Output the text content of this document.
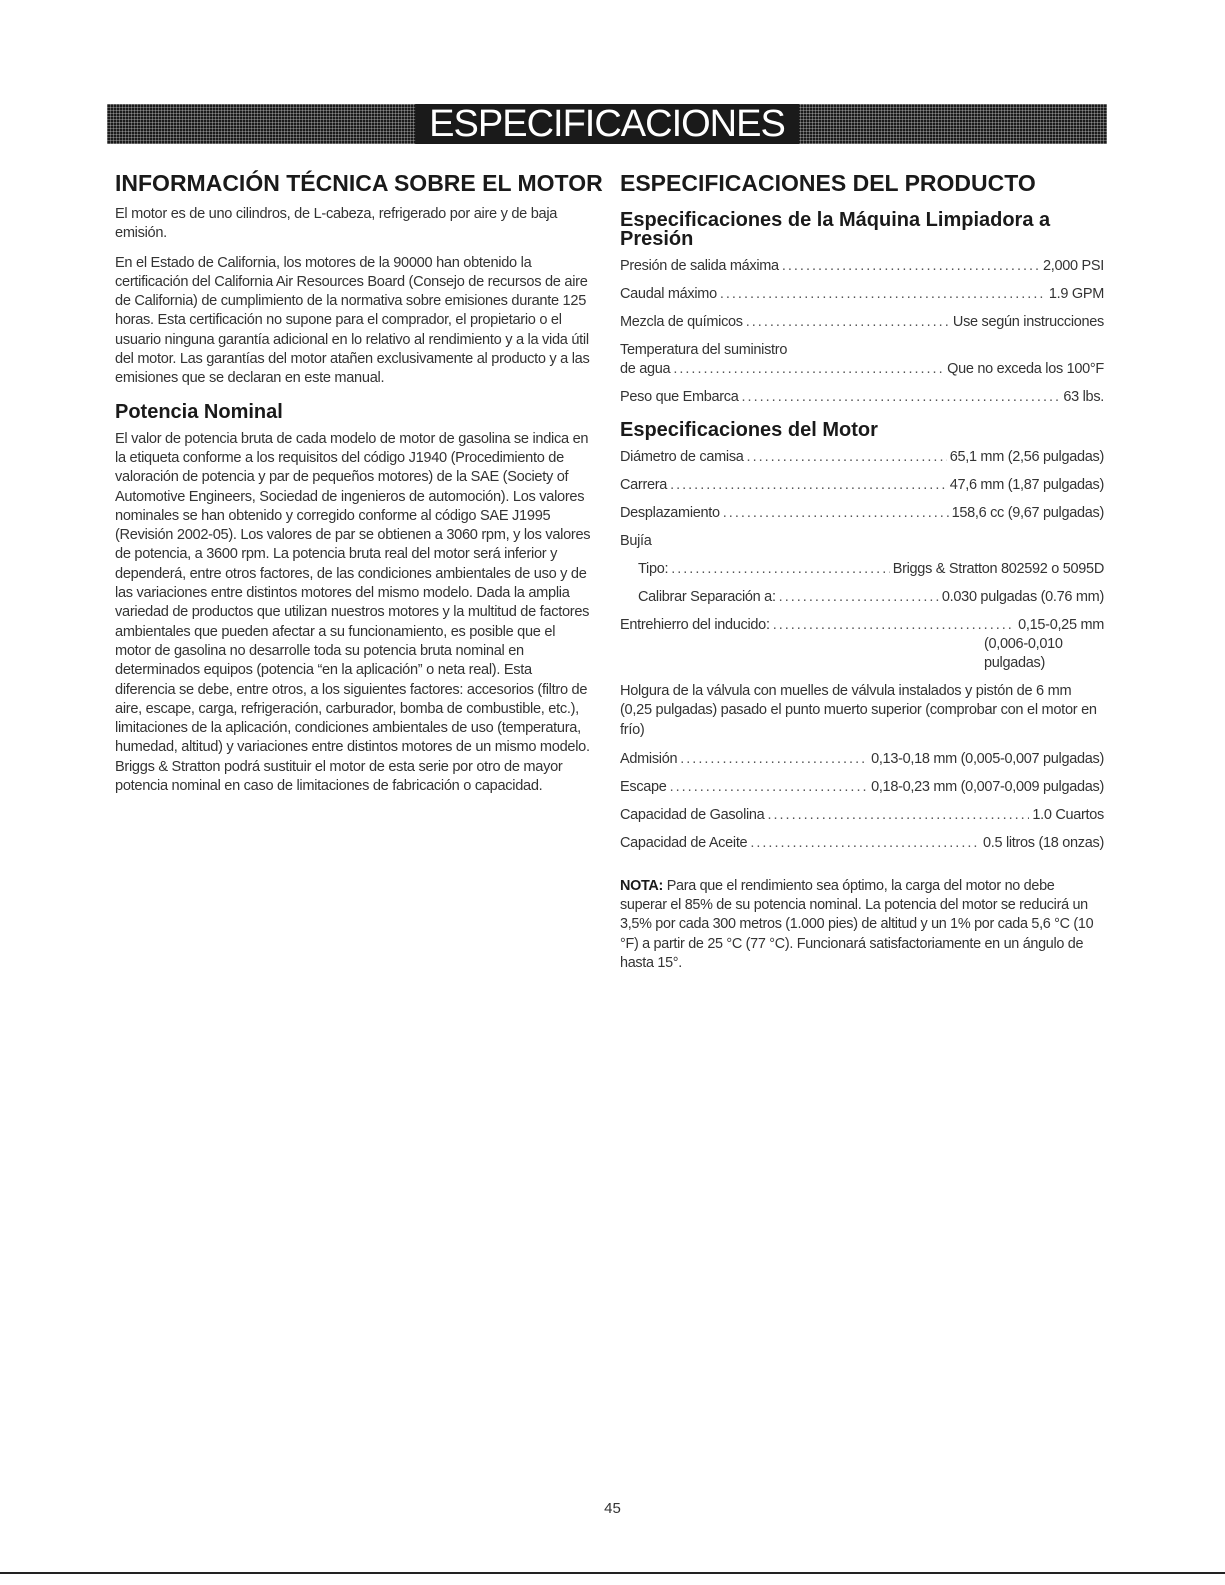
ESPECIFICACIONES
INFORMACIÓN TÉCNICA SOBRE EL MOTOR

El motor es de uno cilindros, de L-cabeza, refrigerado por aire y de baja emisión.

En el Estado de California, los motores de la 90000 han obtenido la certificación del California Air Resources Board (Consejo de recursos de aire de California) de cumplimiento de la normativa sobre emisiones durante 125 horas. Esta certificación no supone para el comprador, el propietario o el usuario ninguna garantía adicional en lo relativo al rendimiento y a la vida útil del motor. Las garantías del motor atañen exclusivamente al producto y a las emisiones que se declaran en este manual.

Potencia Nominal

El valor de potencia bruta de cada modelo de motor de gasolina se indica en la etiqueta conforme a los requisitos del código J1940 (Procedimiento de valoración de potencia y par de pequeños motores) de la SAE (Society of Automotive Engineers, Sociedad de ingenieros de automoción). Los valores nominales se han obtenido y corregido conforme al código SAE J1995 (Revisión 2002-05). Los valores de par se obtienen a 3060 rpm, y los valores de potencia, a 3600 rpm. La potencia bruta real del motor será inferior y dependerá, entre otros factores, de las condiciones ambientales de uso y de las variaciones entre distintos motores del mismo modelo. Dada la amplia variedad de productos que utilizan nuestros motores y la multitud de factores ambientales que pueden afectar a su funcionamiento, es posible que el motor de gasolina no desarrolle toda su potencia bruta nominal en determinados equipos (potencia “en la aplicación” o neta real). Esta diferencia se debe, entre otros, a los siguientes factores: accesorios (filtro de aire, escape, carga, refrigeración, carburador, bomba de combustible, etc.), limitaciones de la aplicación, condiciones ambientales de uso (temperatura, humedad, altitud) y variaciones entre distintos motores de un mismo modelo. Briggs & Stratton podrá sustituir el motor de esta serie por otro de mayor potencia nominal en caso de limitaciones de fabricación o capacidad.

ESPECIFICACIONES DEL PRODUCTO
Especificaciones de la Máquina Limpiadora a Presión
Presión de salida máxima .....	2,000 PSI
Caudal máximo .....	1.9 GPM
Mezcla de químicos .....	Use según instrucciones
Temperatura del suministro
de agua .....	Que no exceda los 100°F
Peso que Embarca .....	63 lbs.
Especificaciones del Motor
Diámetro de camisa .....	65,1 mm (2,56 pulgadas)
Carrera .....	47,6 mm (1,87 pulgadas)
Desplazamiento .....	158,6 cc (9,67 pulgadas)
Bujía
Tipo: .....	Briggs & Stratton 802592 o 5095D
Calibrar Separación a: .....	0.030 pulgadas (0.76 mm)
Entrehierro del inducido: .....	0,15-0,25 mm
(0,006-0,010 pulgadas)

Holgura de la válvula con muelles de válvula instalados y pistón de 6 mm (0,25 pulgadas) pasado el punto muerto superior (comprobar con el motor en frío)

Admisión .....	0,13-0,18 mm (0,005-0,007 pulgadas)
Escape .....	0,18-0,23 mm (0,007-0,009 pulgadas)
Capacidad de Gasolina .....	1.0 Cuartos
Capacidad de Aceite .....	0.5 litros (18 onzas)
NOTA: Para que el rendimiento sea óptimo, la carga del motor no debe superar el 85% de su potencia nominal. La potencia del motor se reducirá un 3,5% por cada 300 metros (1.000 pies) de altitud y un 1% por cada 5,6 °C (10 °F) a partir de 25 °C (77 °C). Funcionará satisfactoriamente en un ángulo de hasta 15°.
45
